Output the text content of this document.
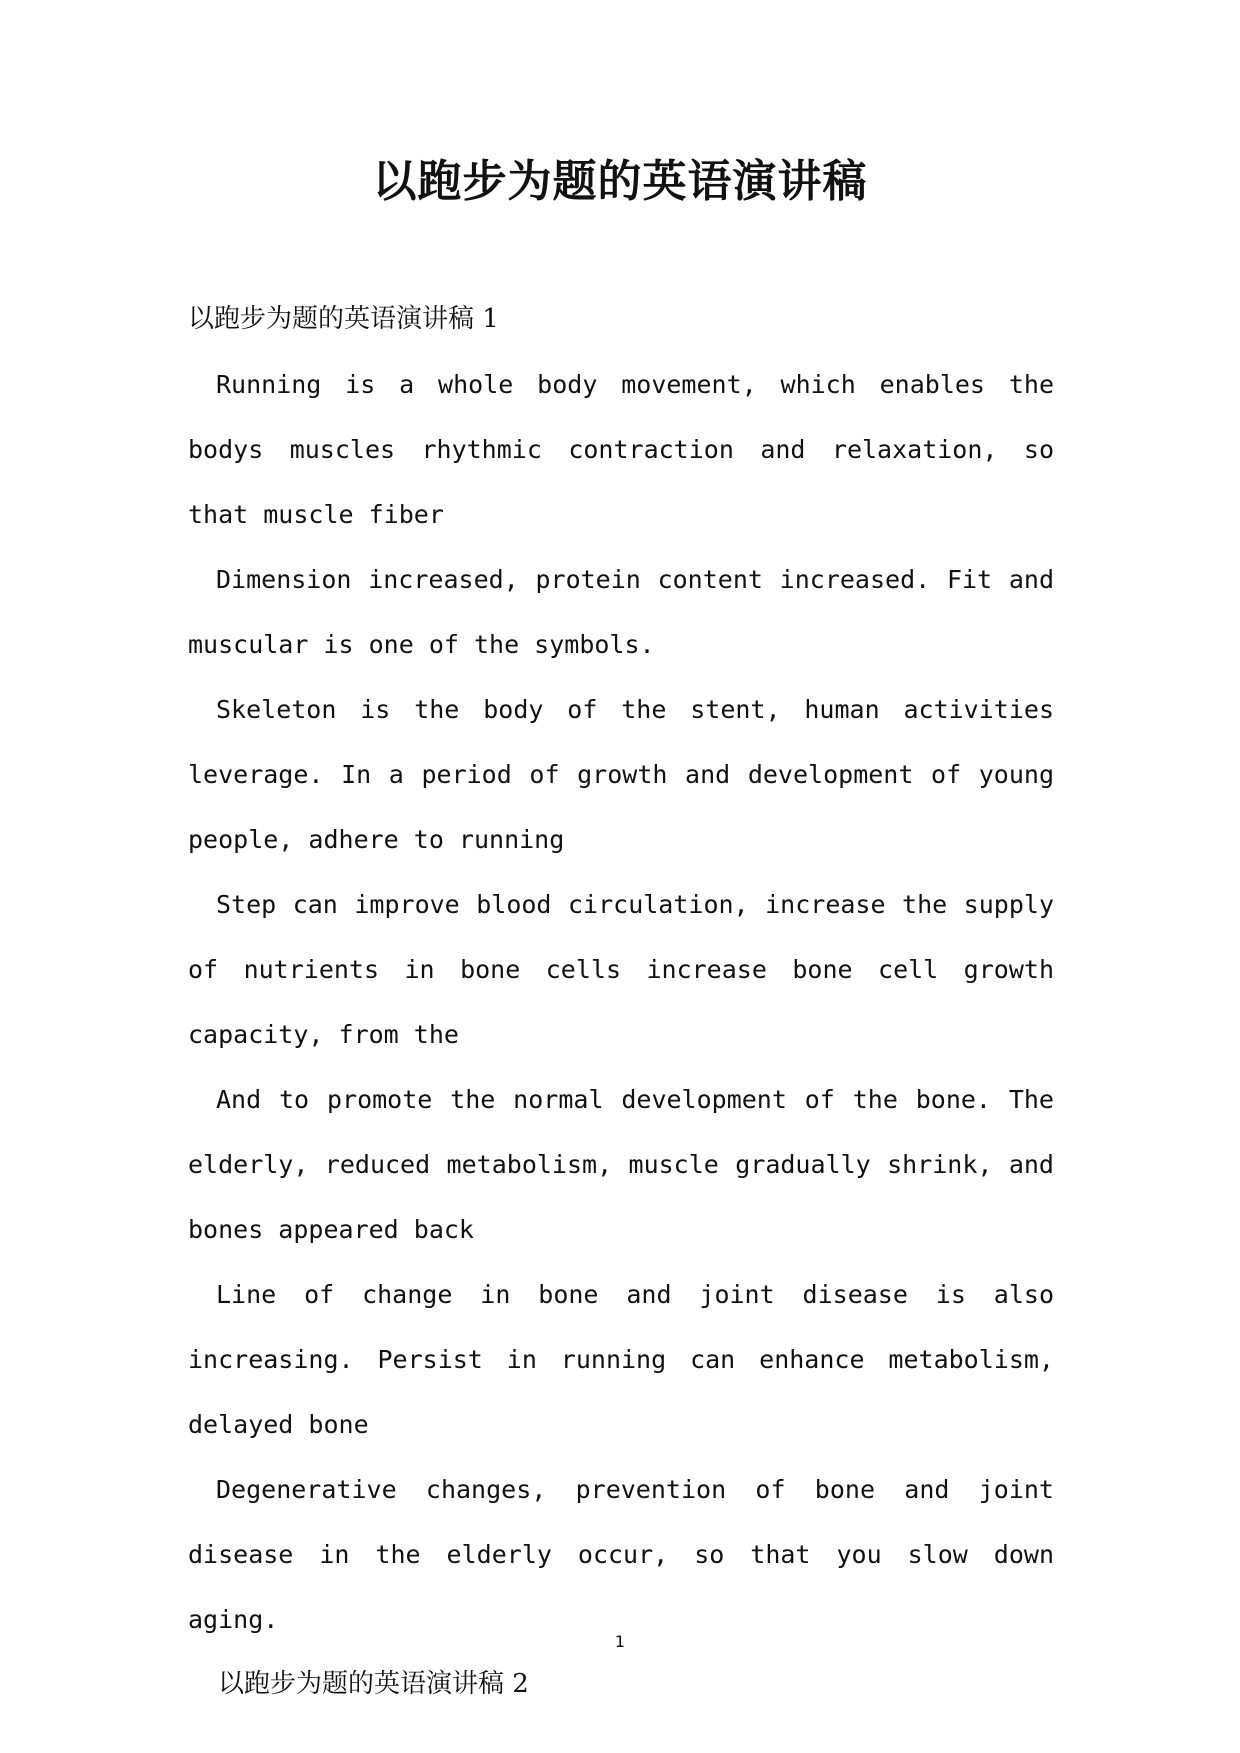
以跑步为题的英语演讲稿

以跑步为题的英语演讲稿 1

Running is a whole body movement, which enables the bodys muscles rhythmic contraction and relaxation, so that muscle fiber

Dimension increased, protein content increased. Fit and muscular is one of the symbols.

Skeleton is the body of the stent, human activities leverage. In a period of growth and development of young people, adhere to running

Step can improve blood circulation, increase the supply of nutrients in bone cells increase bone cell growth capacity, from the

And to promote the normal development of the bone. The elderly, reduced metabolism, muscle gradually shrink, and bones appeared back

Line of change in bone and joint disease is also increasing. Persist in running can enhance metabolism, delayed bone

Degenerative changes, prevention of bone and joint disease in the elderly occur, so that you slow down aging.

以跑步为题的英语演讲稿 2

1
